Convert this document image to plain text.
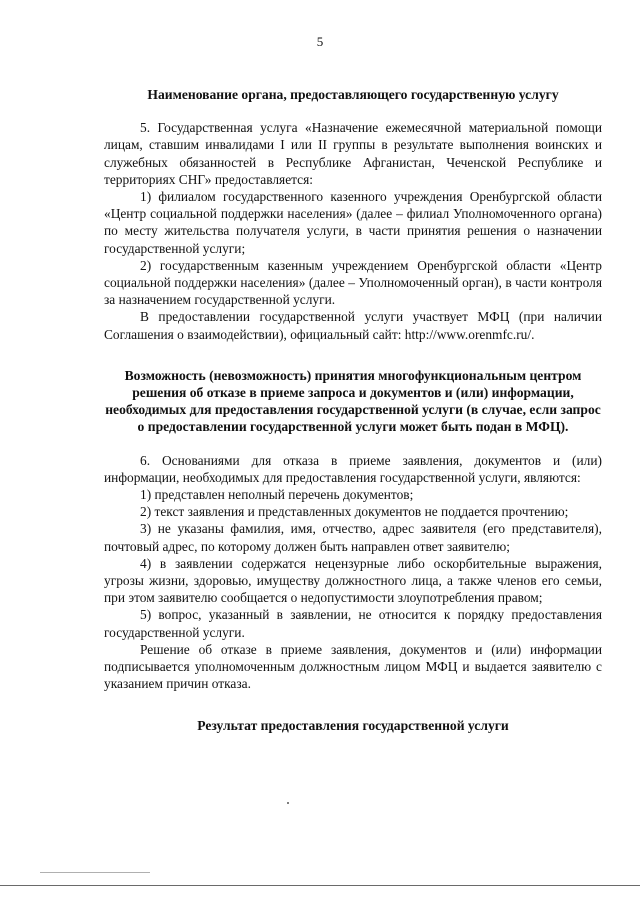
5

Наименование органа, предоставляющего государственную услугу

5. Государственная услуга «Назначение ежемесячной материальной помощи лицам, ставшим инвалидами I или II группы в результате выполнения воинских и служебных обязанностей в Республике Афганистан, Чеченской Республике и территориях СНГ» предоставляется:

1) филиалом государственного казенного учреждения Оренбургской области «Центр социальной поддержки населения» (далее – филиал Уполномоченного органа) по месту жительства получателя услуги, в части принятия решения о назначении государственной услуги;

2) государственным казенным учреждением Оренбургской области «Центр социальной поддержки населения» (далее – Уполномоченный орган), в части контроля за назначением государственной услуги.

В предоставлении государственной услуги участвует МФЦ (при наличии Соглашения о взаимодействии), официальный сайт: http://www.orenmfc.ru/.

Возможность (невозможность) принятия многофункциональным центром решения об отказе в приеме запроса и документов и (или) информации, необходимых для предоставления государственной услуги (в случае, если запрос о предоставлении государственной услуги может быть подан в МФЦ).

6. Основаниями для отказа в приеме заявления, документов и (или) информации, необходимых для предоставления государственной услуги, являются:

1) представлен неполный перечень документов;

2) текст заявления и представленных документов не поддается прочтению;

3) не указаны фамилия, имя, отчество, адрес заявителя (его представителя), почтовый адрес, по которому должен быть направлен ответ заявителю;

4) в заявлении содержатся нецензурные либо оскорбительные выражения, угрозы жизни, здоровью, имуществу должностного лица, а также членов его семьи, при этом заявителю сообщается о недопустимости злоупотребления правом;

5) вопрос, указанный в заявлении, не относится к порядку предоставления государственной услуги.

Решение об отказе в приеме заявления, документов и (или) информации подписывается уполномоченным должностным лицом МФЦ и выдается заявителю с указанием причин отказа.

Результат предоставления государственной услуги
